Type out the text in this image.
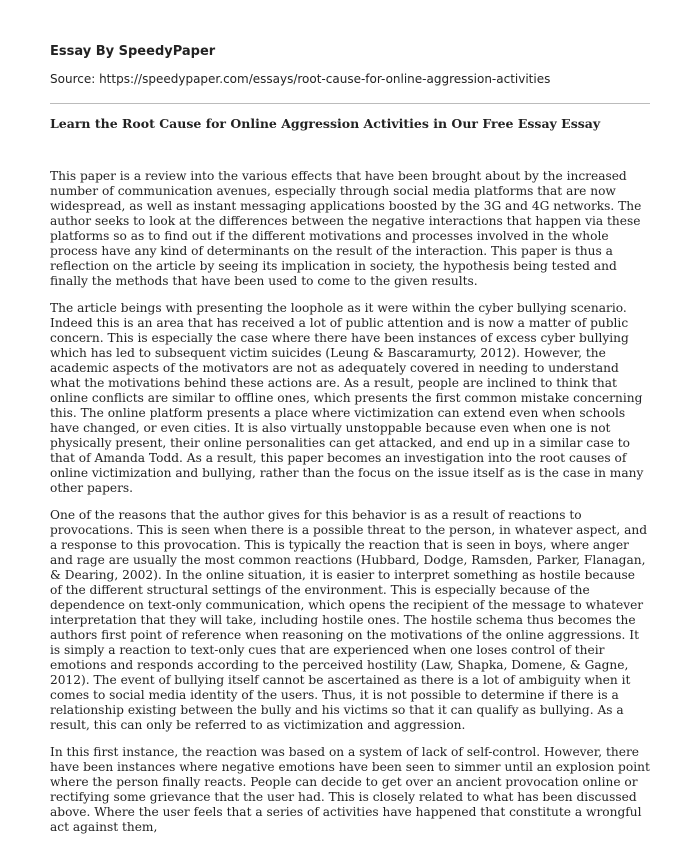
Essay By SpeedyPaper
Source: https://speedypaper.com/essays/root-cause-for-online-aggression-activities
Learn the Root Cause for Online Aggression Activities in Our Free Essay Essay

This paper is a review into the various effects that have been brought about by the increased number of communication avenues, especially through social media platforms that are now widespread, as well as instant messaging applications boosted by the 3G and 4G networks. The author seeks to look at the differences between the negative interactions that happen via these platforms so as to find out if the different motivations and processes involved in the whole process have any kind of determinants on the result of the interaction. This paper is thus a reflection on the article by seeing its implication in society, the hypothesis being tested and finally the methods that have been used to come to the given results.

The article beings with presenting the loophole as it were within the cyber bullying scenario. Indeed this is an area that has received a lot of public attention and is now a matter of public concern. This is especially the case where there have been instances of excess cyber bullying which has led to subsequent victim suicides (Leung & Bascaramurty, 2012). However, the academic aspects of the motivators are not as adequately covered in needing to understand what the motivations behind these actions are. As a result, people are inclined to think that online conflicts are similar to offline ones, which presents the first common mistake concerning this. The online platform presents a place where victimization can extend even when schools have changed, or even cities. It is also virtually unstoppable because even when one is not physically present, their online personalities can get attacked, and end up in a similar case to that of Amanda Todd. As a result, this paper becomes an investigation into the root causes of online victimization and bullying, rather than the focus on the issue itself as is the case in many other papers.

One of the reasons that the author gives for this behavior is as a result of reactions to provocations. This is seen when there is a possible threat to the person, in whatever aspect, and a response to this provocation. This is typically the reaction that is seen in boys, where anger and rage are usually the most common reactions (Hubbard, Dodge, Ramsden, Parker, Flanagan, & Dearing, 2002). In the online situation, it is easier to interpret something as hostile because of the different structural settings of the environment. This is especially because of the dependence on text-only communication, which opens the recipient of the message to whatever interpretation that they will take, including hostile ones. The hostile schema thus becomes the authors first point of reference when reasoning on the motivations of the online aggressions. It is simply a reaction to text-only cues that are experienced when one loses control of their emotions and responds according to the perceived hostility (Law, Shapka, Domene, & Gagne, 2012). The event of bullying itself cannot be ascertained as there is a lot of ambiguity when it comes to social media identity of the users. Thus, it is not possible to determine if there is a relationship existing between the bully and his victims so that it can qualify as bullying. As a result, this can only be referred to as victimization and aggression.

In this first instance, the reaction was based on a system of lack of self-control. However, there have been instances where negative emotions have been seen to simmer until an explosion point where the person finally reacts. People can decide to get over an ancient provocation online or rectifying some grievance that the user had. This is closely related to what has been discussed above. Where the user feels that a series of activities have happened that constitute a wrongful act against them,
